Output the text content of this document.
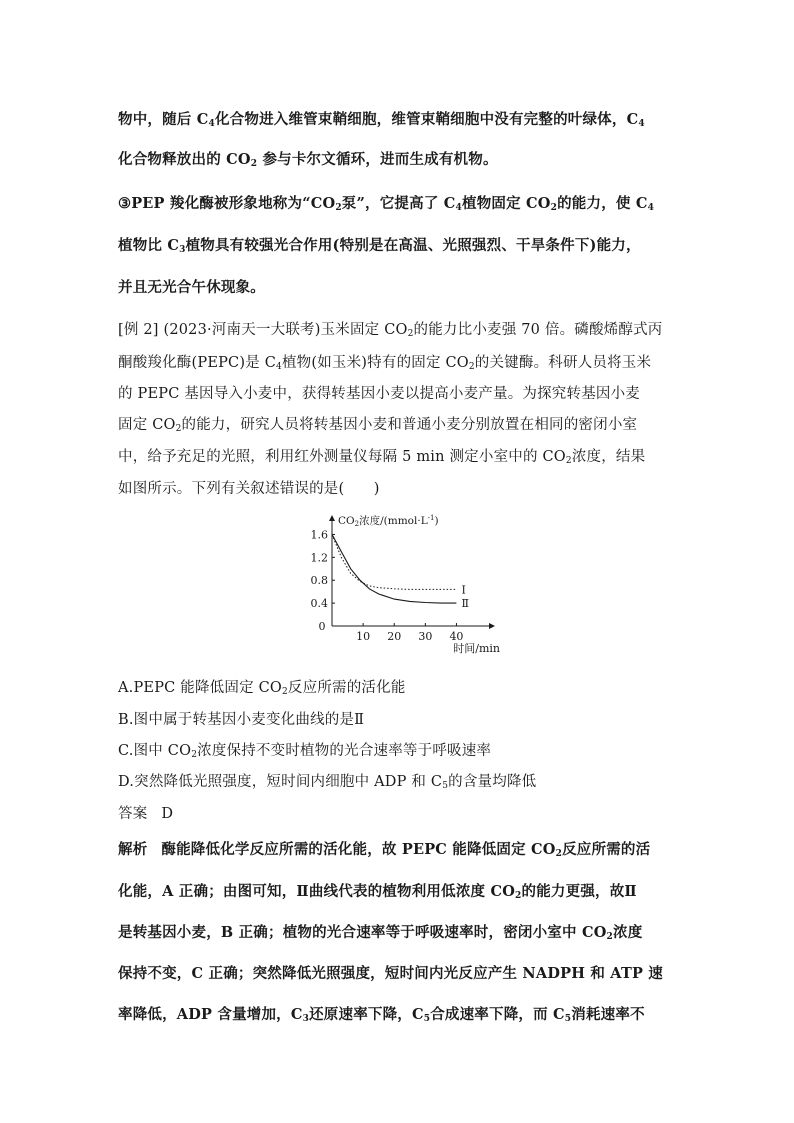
物中，随后 $C_4$化合物进入维管束鞘细胞，维管束鞘细胞中没有完整的叶绿体，$C_4$
化合物释放出的 $CO_2$ 参与卡尔文循环，进而生成有机物。
③PEP 羧化酶被形象地称为“$CO_2$泵”，它提高了 $C_4$植物固定 $CO_2$的能力，使 $C_4$
植物比 $C_3$植物具有较强光合作用(特别是在高温、光照强烈、干旱条件下)能力，
并且无光合午休现象。
[例 2] (2023·河南天一大联考)玉米固定 $CO_2$的能力比小麦强 70 倍。磷酸烯醇式丙
酮酸羧化酶(PEPC)是 $C_4$植物(如玉米)特有的固定 $CO_2$的关键酶。科研人员将玉米
的 PEPC 基因导入小麦中，获得转基因小麦以提高小麦产量。为探究转基因小麦
固定 $CO_2$的能力，研究人员将转基因小麦和普通小麦分别放置在相同的密闭小室
中，给予充足的光照，利用红外测量仪每隔 5 min 测定小室中的 $CO_2$浓度，结果
如图所示。下列有关叙述错误的是(　　)
1.6
1.2
0.8
0.4
10 20 30 40
0
CO2浓度$/(mmol\cdot L^{-1})$
时间/min
Ⅰ
Ⅱ
A.PEPC 能降低固定 $CO_2$反应所需的活化能
B.图中属于转基因小麦变化曲线的是Ⅱ
C.图中 $CO_2$浓度保持不变时植物的光合速率等于呼吸速率
D.突然降低光照强度，短时间内细胞中 ADP 和 $C_5$的含量均降低
答案 D
解析 酶能降低化学反应所需的活化能，故 PEPC 能降低固定 $CO_2$反应所需的活
化能，A 正确；由图可知，Ⅱ曲线代表的植物利用低浓度 $CO_2$的能力更强，故Ⅱ
是转基因小麦，B 正确；植物的光合速率等于呼吸速率时，密闭小室中 $CO_2$浓度
保持不变，C 正确；突然降低光照强度，短时间内光反应产生 NADPH 和 ATP 速
率降低，ADP 含量增加，$C_3$还原速率下降，$C_5$合成速率下降，而 $C_5$消耗速率不
